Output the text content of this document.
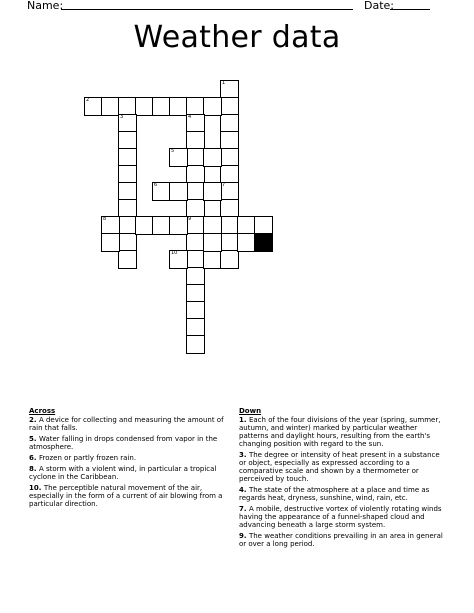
Name:	Date:
Weather data
1
7
2
3	4
9
5
6
8
10
Across
2. A device for collecting and measuring the amount of rain that falls.
5. Water falling in drops condensed from vapor in the atmosphere.
6. Frozen or partly frozen rain.
8. A storm with a violent wind, in particular a tropical cyclone in the Caribbean.
10. The perceptible natural movement of the air, especially in the form of a current of air blowing from a particular direction.
Down
1. Each of the four divisions of the year (spring, summer, autumn, and winter) marked by particular weather patterns and daylight hours, resulting from the earth's changing position with regard to the sun.
3. The degree or intensity of heat present in a substance or object, especially as expressed according to a comparative scale and shown by a thermometer or perceived by touch.
4. The state of the atmosphere at a place and time as regards heat, dryness, sunshine, wind, rain, etc.
7. A mobile, destructive vortex of violently rotating winds having the appearance of a funnel-shaped cloud and advancing beneath a large storm system.
9. The weather conditions prevailing in an area in general or over a long period.
